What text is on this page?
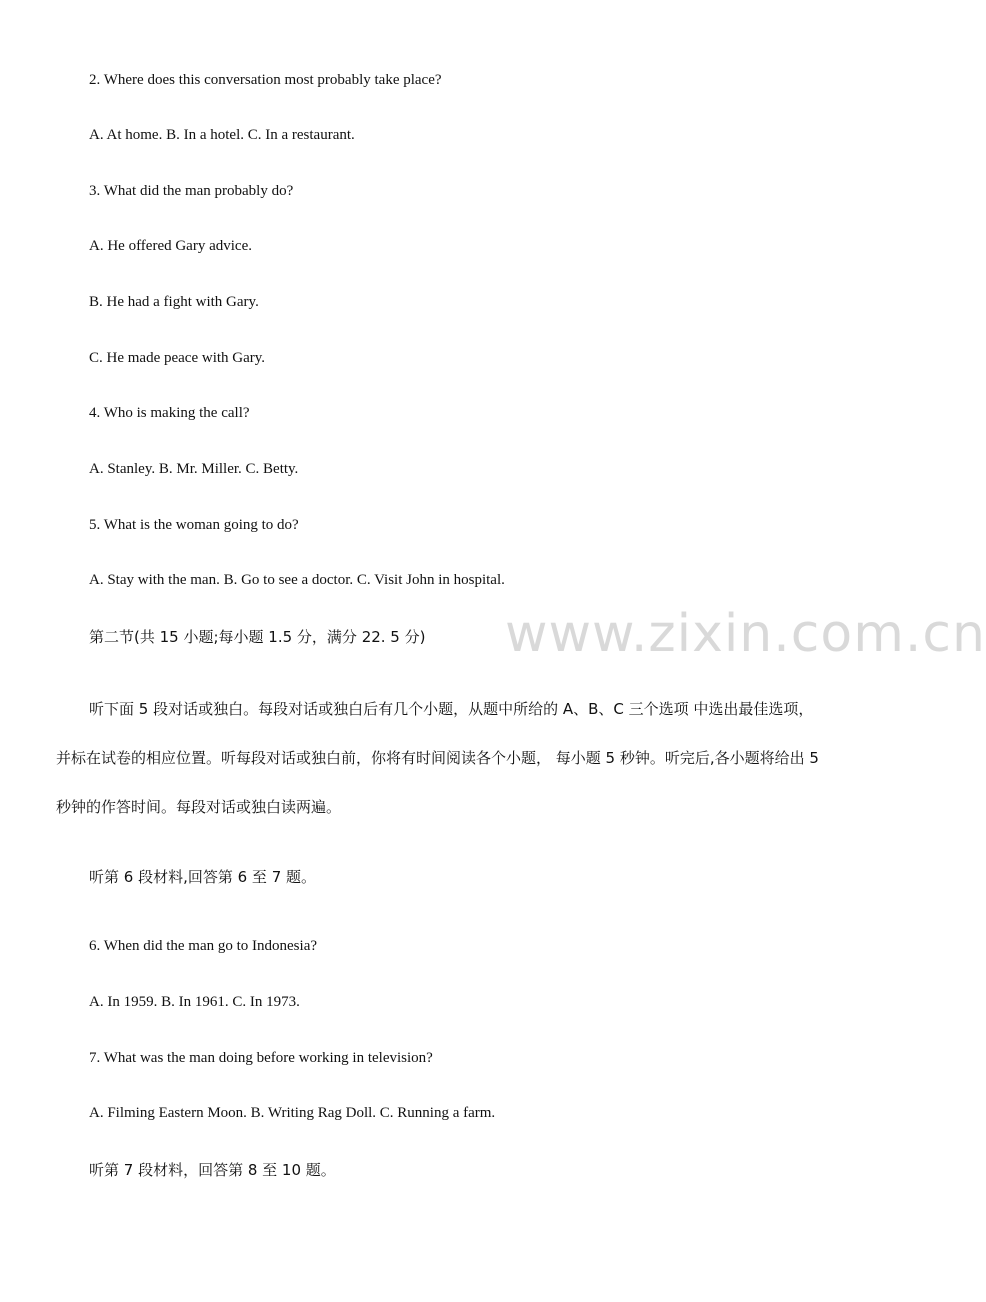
2. Where does this conversation most probably take place?
A. At home. B. In a hotel. C. In a restaurant.
3. What did the man probably do?
A. He offered Gary advice.
B. He had a fight with Gary.
C. He made peace with Gary.
4. Who is making the call?
A. Stanley. B. Mr. Miller. C. Betty.
5. What is the woman going to do?
A. Stay with the man. B. Go to see a doctor. C. Visit John in hospital.
www.zixin.com.cn
第二节(共 15 小题;每小题 1.5 分，满分 22. 5 分)
听下面 5 段对话或独白。每段对话或独白后有几个小题，从题中所给的 A、B、C 三个选项 中选出最佳选项，
并标在试卷的相应位置。听每段对话或独白前，你将有时间阅读各个小题， 每小题 5 秒钟。听完后,各小题将给出 5
秒钟的作答时间。每段对话或独白读两遍。
听第 6 段材料,回答第 6 至 7 题。
6. When did the man go to Indonesia?
A. In 1959. B. In 1961. C. In 1973.
7. What was the man doing before working in television?
A. Filming Eastern Moon. B. Writing Rag Doll. C. Running a farm.
听第 7 段材料，回答第 8 至 10 题。
